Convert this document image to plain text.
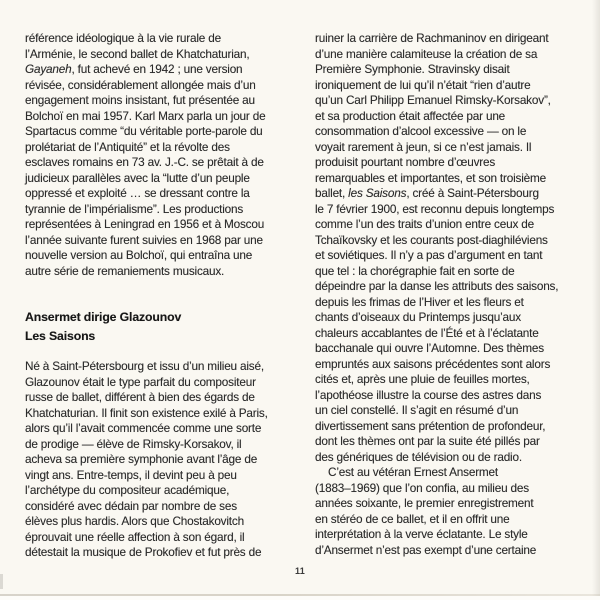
référence idéologique à la vie rurale de
l’Arménie, le second ballet de Khatchaturian,
Gayaneh, fut achevé en 1942 ; une version
révisée, considérablement allongée mais d’un
engagement moins insistant, fut présentée au
Bolchoï en mai 1957. Karl Marx parla un jour de
Spartacus comme “du véritable porte-parole du
prolétariat de l’Antiquité” et la révolte des
esclaves romains en 73 av. J.-C. se prêtait à de
judicieux parallèles avec la “lutte d’un peuple
oppressé et exploité … se dressant contre la
tyrannie de l’impérialisme”. Les productions
représentées à Leningrad en 1956 et à Moscou
l’année suivante furent suivies en 1968 par une
nouvelle version au Bolchoï, qui entraîna une
autre série de remaniements musicaux.

Ansermet dirige Glazounov
Les Saisons

Né à Saint-Pétersbourg et issu d’un milieu aisé,
Glazounov était le type parfait du compositeur
russe de ballet, différent à bien des égards de
Khatchaturian. Il finit son existence exilé à Paris,
alors qu’il l’avait commencée comme une sorte
de prodige — élève de Rimsky-Korsakov, il
acheva sa première symphonie avant l’âge de
vingt ans. Entre-temps, il devint peu à peu
l’archétype du compositeur académique,
considéré avec dédain par nombre de ses
élèves plus hardis. Alors que Chostakovitch
éprouvait une réelle affection à son égard, il
détestait la musique de Prokofiev et fut près de

ruiner la carrière de Rachmaninov en dirigeant
d’une manière calamiteuse la création de sa
Première Symphonie. Stravinsky disait
ironiquement de lui qu’il n’était “rien d’autre
qu’un Carl Philipp Emanuel Rimsky-Korsakov”,
et sa production était affectée par une
consommation d’alcool excessive — on le
voyait rarement à jeun, si ce n’est jamais. Il
produisit pourtant nombre d’œuvres
remarquables et importantes, et son troisième
ballet, les Saisons, créé à Saint-Pétersbourg
le 7 février 1900, est reconnu depuis longtemps
comme l’un des traits d’union entre ceux de
Tchaïkovsky et les courants post-diaghiléviens
et soviétiques. Il n’y a pas d’argument en tant
que tel : la chorégraphie fait en sorte de
dépeindre par la danse les attributs des saisons,
depuis les frimas de l’Hiver et les fleurs et
chants d’oiseaux du Printemps jusqu’aux
chaleurs accablantes de l’Été et à l’éclatante
bacchanale qui ouvre l’Automne. Des thèmes
empruntés aux saisons précédentes sont alors
cités et, après une pluie de feuilles mortes,
l’apothéose illustre la course des astres dans
un ciel constellé. Il s’agit en résumé d’un
divertissement sans prétention de profondeur,
dont les thèmes ont par la suite été pillés par
des génériques de télévision ou de radio.

C’est au vétéran Ernest Ansermet
(1883–1969) que l’on confia, au milieu des
années soixante, le premier enregistrement
en stéréo de ce ballet, et il en offrit une
interprétation à la verve éclatante. Le style
d’Ansermet n’est pas exempt d’une certaine

11
